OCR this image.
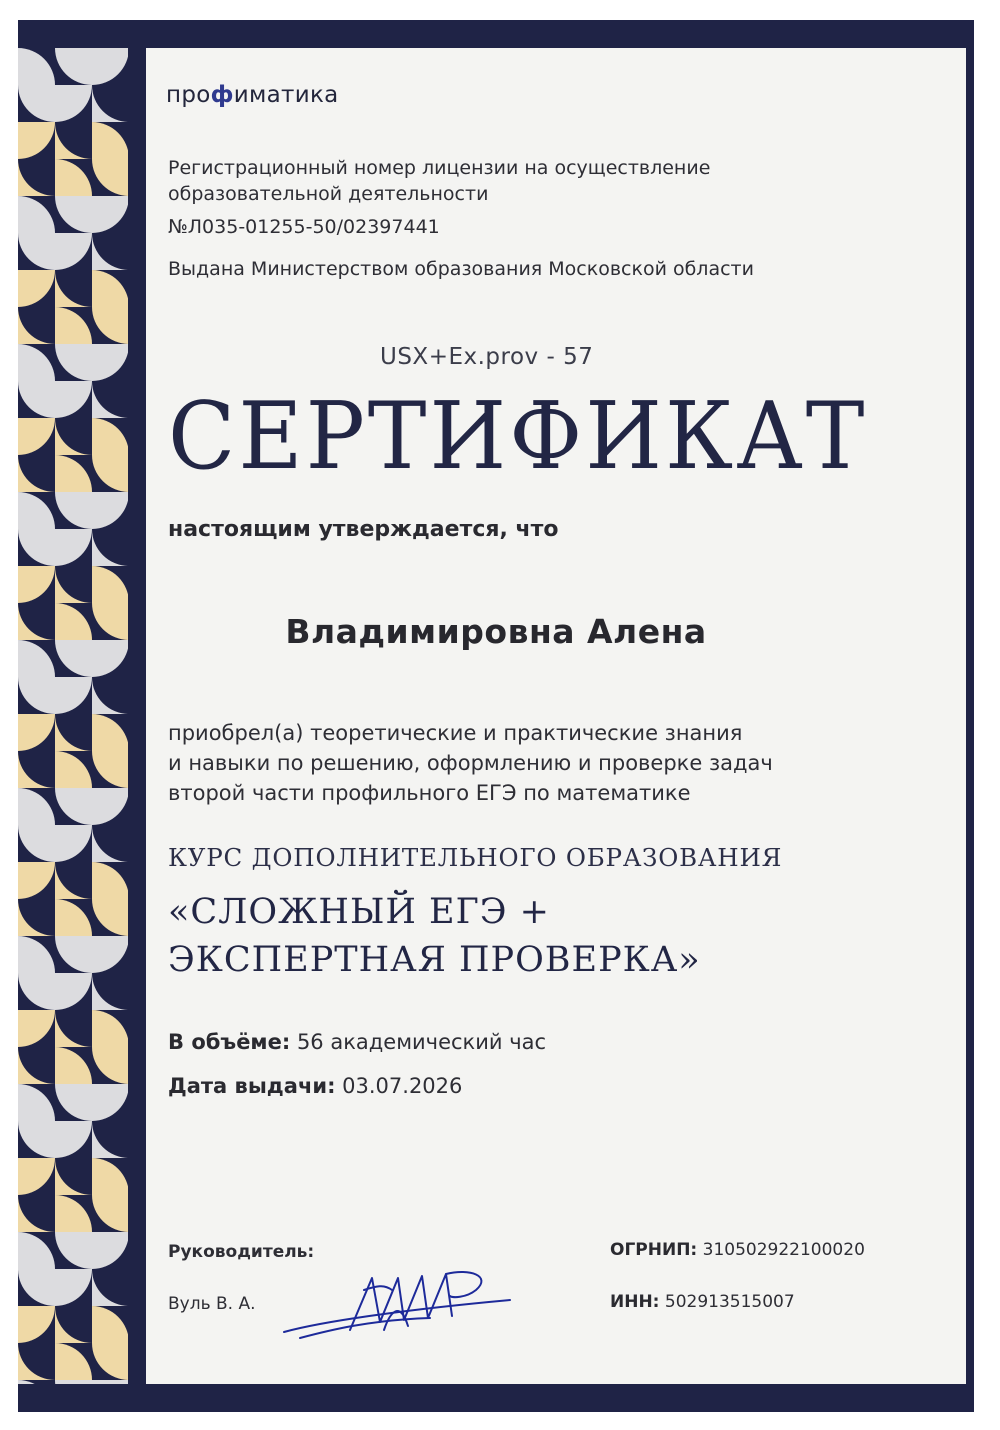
профиматика
Регистрационный номер лицензии на осуществление
образовательной деятельности
№Л035-01255-50/02397441
Выдана Министерством образования Московской области
USX+Ex.prov - 57
СЕРТИФИКАТ
настоящим утверждается, что
Владимировна Алена
приобрел(а) теоретические и практические знания
и навыки по решению, оформлению и проверке задач
второй части профильного ЕГЭ по математике
КУРС ДОПОЛНИТЕЛЬНОГО ОБРАЗОВАНИЯ
«СЛОЖНЫЙ ЕГЭ +
ЭКСПЕРТНАЯ ПРОВЕРКА»
В объёме: 56 академический час
Дата выдачи: 03.07.2026
Руководитель:
Вуль В. А.
ОГРНИП: 310502922100020
ИНН: 502913515007
